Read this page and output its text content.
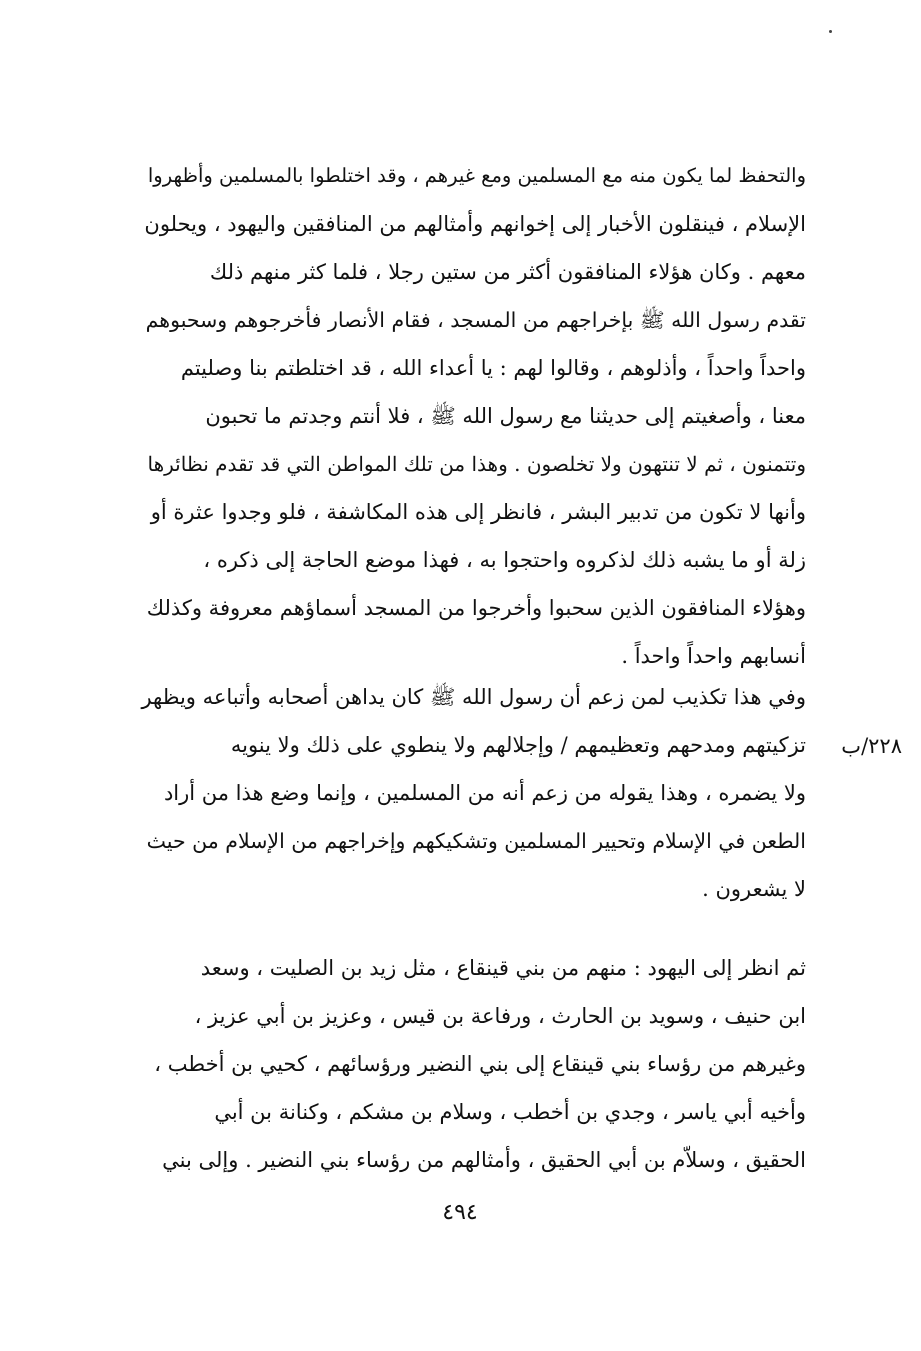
والتحفظ لما يكون منه مع المسلمين ومع غيرهم ، وقد اختلطوا بالمسلمين وأظهروا
الإسلام ، فينقلون الأخبار إلى إخوانهم وأمثالهم من المنافقين واليهود ، ويحلون
معهم . وكان هؤلاء المنافقون أكثر من ستين رجلا ، فلما كثر منهم ذلك
تقدم رسول الله ﷺ بإخراجهم من المسجد ، فقام الأنصار فأخرجوهم وسحبوهم
واحداً واحداً ، وأذلوهم ، وقالوا لهم : يا أعداء الله ، قد اختلطتم بنا وصليتم
معنا ، وأصغيتم إلى حديثنا مع رسول الله ﷺ ، فلا أنتم وجدتم ما تحبون
وتتمنون ، ثم لا تنتهون ولا تخلصون . وهذا من تلك المواطن التي قد تقدم نظائرها
وأنها لا تكون من تدبير البشر ، فانظر إلى هذه المكاشفة ، فلو وجدوا عثرة أو
زلة أو ما يشبه ذلك لذكروه واحتجوا به ، فهذا موضع الحاجة إلى ذكره ،
وهؤلاء المنافقون الذين سحبوا وأخرجوا من المسجد أسماؤهم معروفة وكذلك
أنسابهم واحداً واحداً .
وفي هذا تكذيب لمن زعم أن رسول الله ﷺ كان يداهن أصحابه وأتباعه ويظهر
تزكيتهم ومدحهم وتعظيمهم / وإجلالهم ولا ينطوي على ذلك ولا ينويه
ولا يضمره ، وهذا يقوله من زعم أنه من المسلمين ، وإنما وضع هذا من أراد
الطعن في الإسلام وتحيير المسلمين وتشكيكهم وإخراجهم من الإسلام من حيث
لا يشعرون .
٢٢٨/ب
ثم انظر إلى اليهود : منهم من بني قينقاع ، مثل زيد بن الصليت ، وسعد
ابن حنيف ، وسويد بن الحارث ، ورفاعة بن قيس ، وعزيز بن أبي عزيز ،
وغيرهم من رؤساء بني قينقاع إلى بني النضير ورؤسائهم ، كحيي بن أخطب ،
وأخيه أبي ياسر ، وجدي بن أخطب ، وسلام بن مشكم ، وكنانة بن أبي
الحقيق ، وسلاّم بن أبي الحقيق ، وأمثالهم من رؤساء بني النضير . وإلى بني
٤٩٤
